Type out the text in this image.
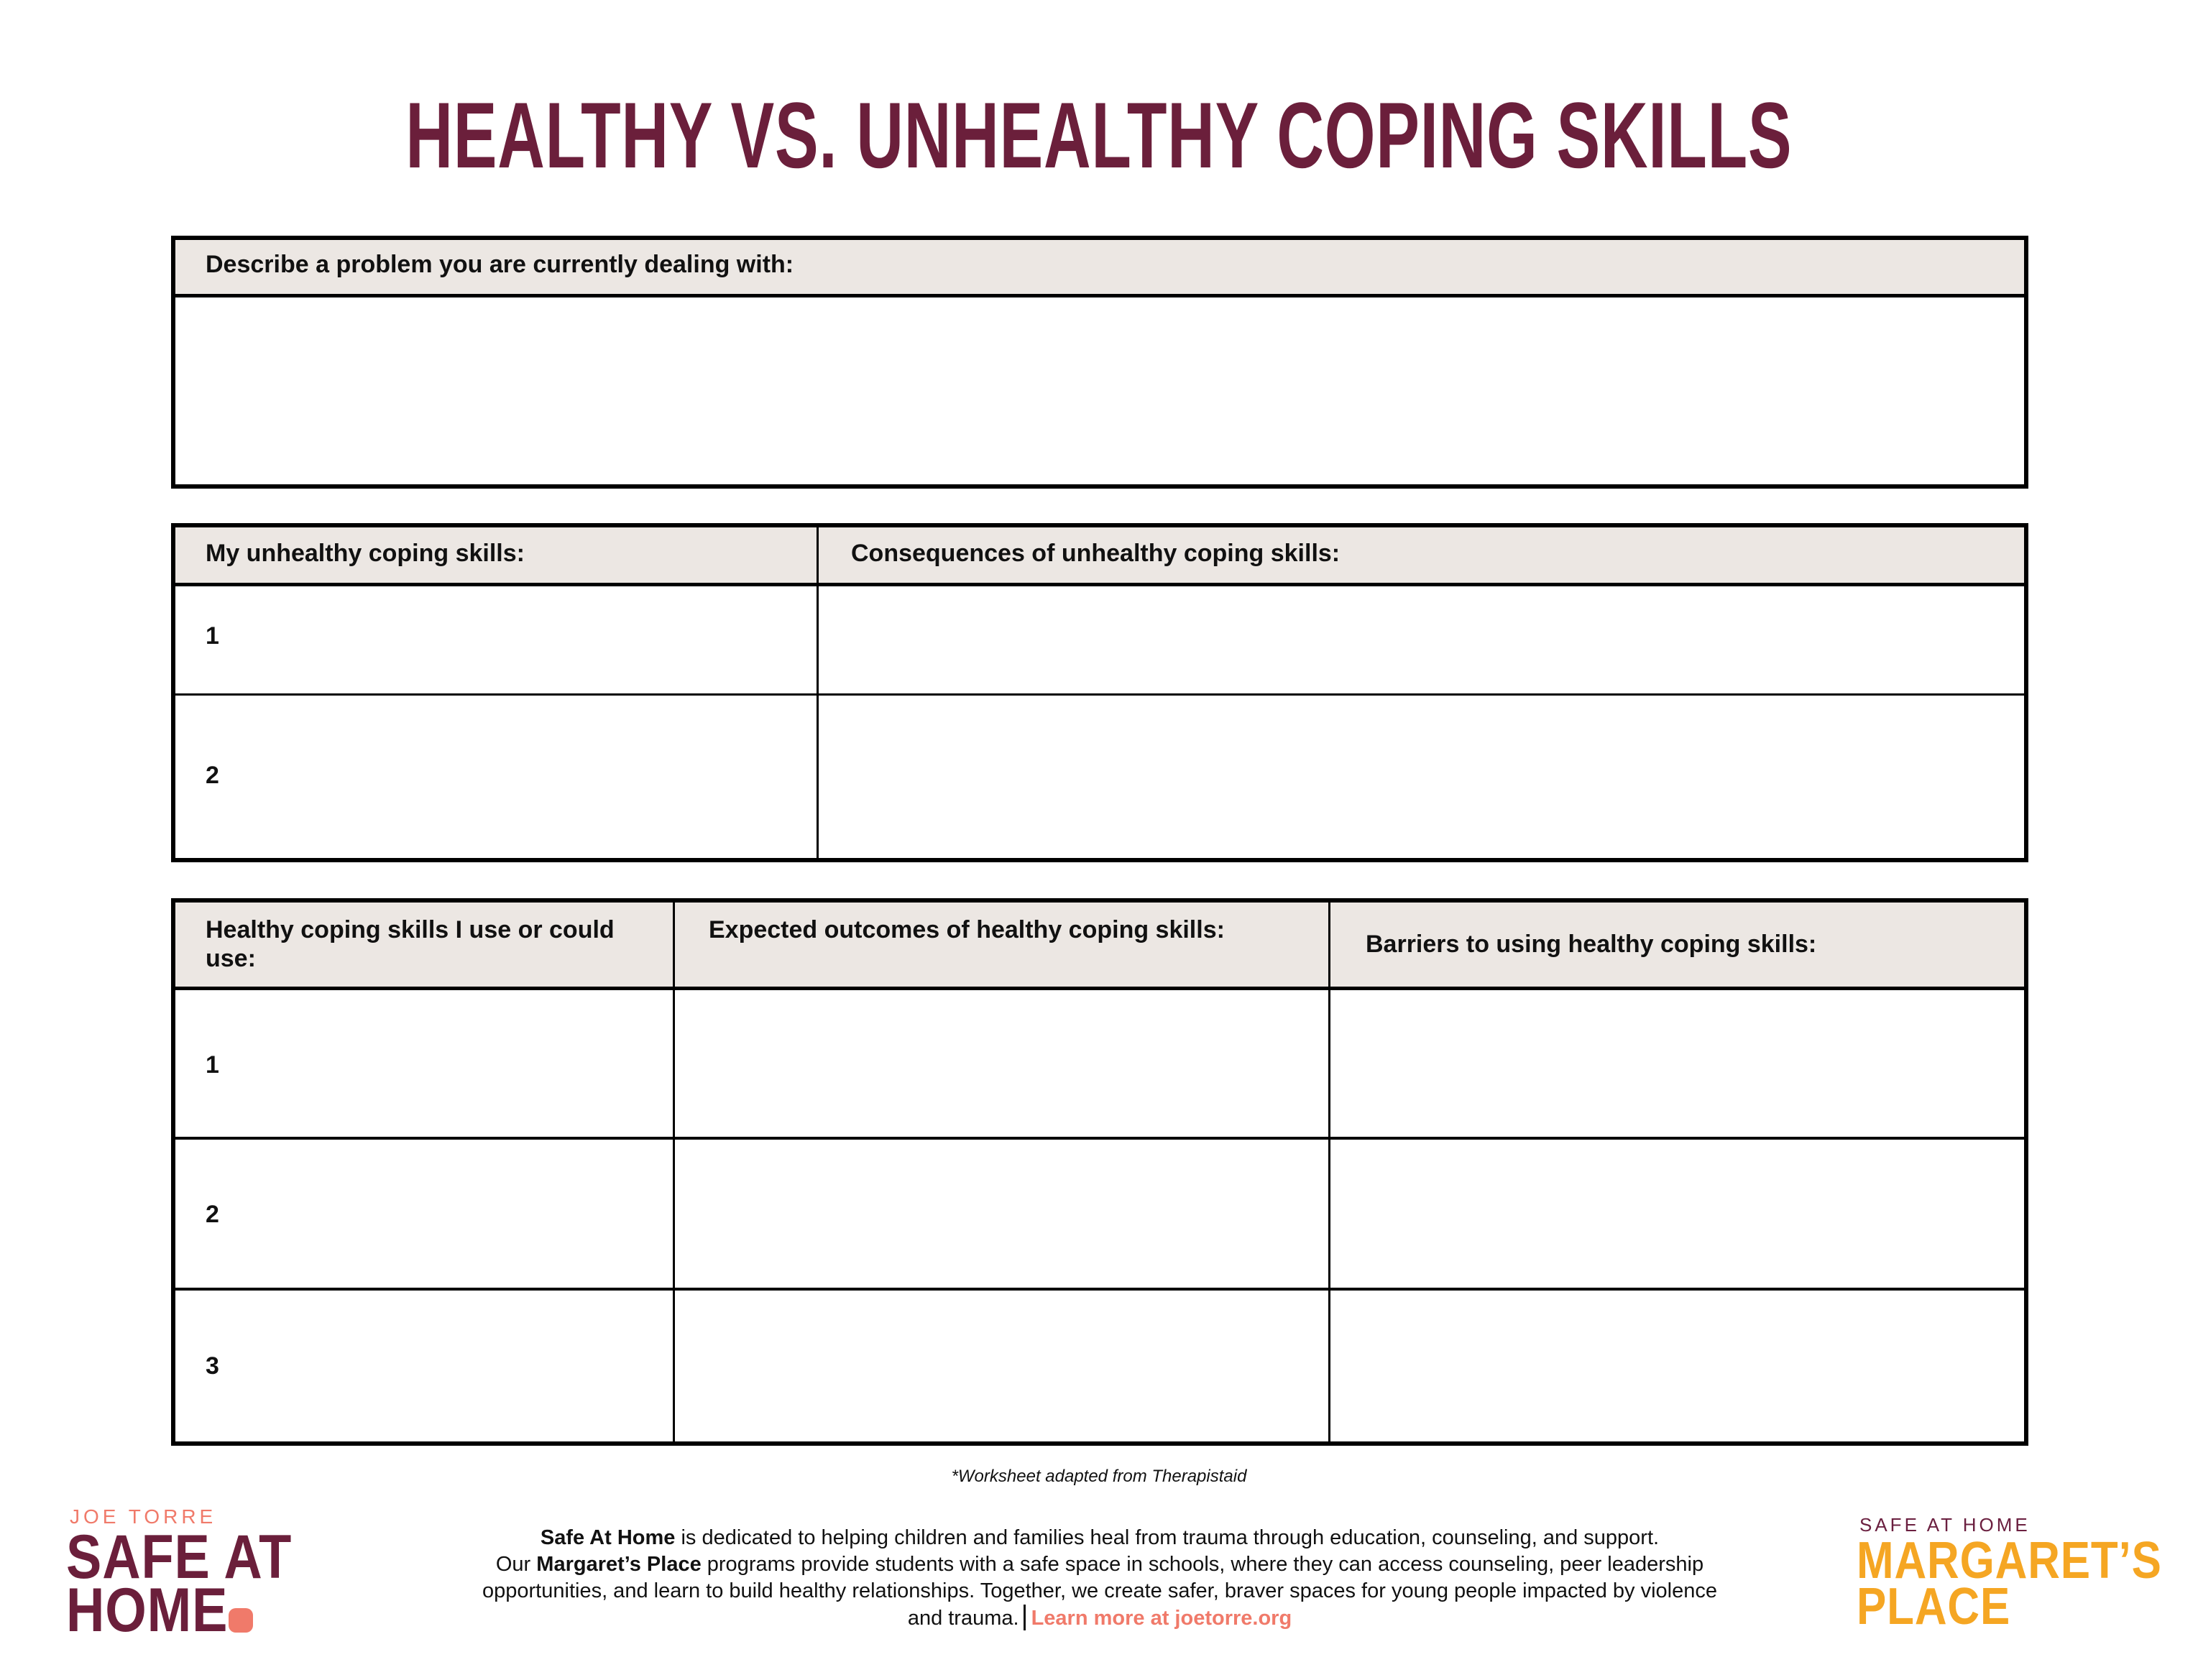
HEALTHY VS. UNHEALTHY COPING SKILLS
Describe a problem you are currently dealing with:
My unhealthy coping skills:	Consequences of unhealthy coping skills:
1
2
Healthy coping skills I use or could use:
Expected outcomes of healthy coping skills:
Barriers to using healthy coping skills:
1
2
3
*Worksheet adapted from Therapistaid
JOE TORRE
SAFE AT
HOME
Safe At Home is dedicated to helping children and families heal from trauma through education, counseling, and support.
Our Margaret’s Place programs provide students with a safe space in schools, where they can access counseling, peer leadership
opportunities, and learn to build healthy relationships. Together, we create safer, braver spaces for young people impacted by violence
and trauma. Learn more at joetorre.org
SAFE AT HOME
MARGARET’S
PLACE
